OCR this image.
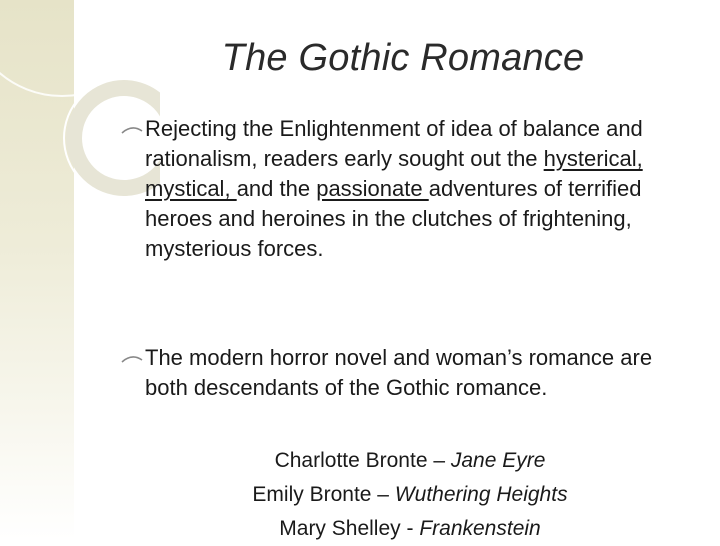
The Gothic Romance
Rejecting the Enlightenment of idea of balance and rationalism, readers early sought out the hysterical, mystical, and the passionate adventures of terrified heroes and heroines in the clutches of frightening, mysterious forces.
The modern horror novel and woman’s romance are both descendants of the Gothic romance.
Charlotte Bronte – Jane Eyre
Emily Bronte – Wuthering Heights
Mary Shelley - Frankenstein
